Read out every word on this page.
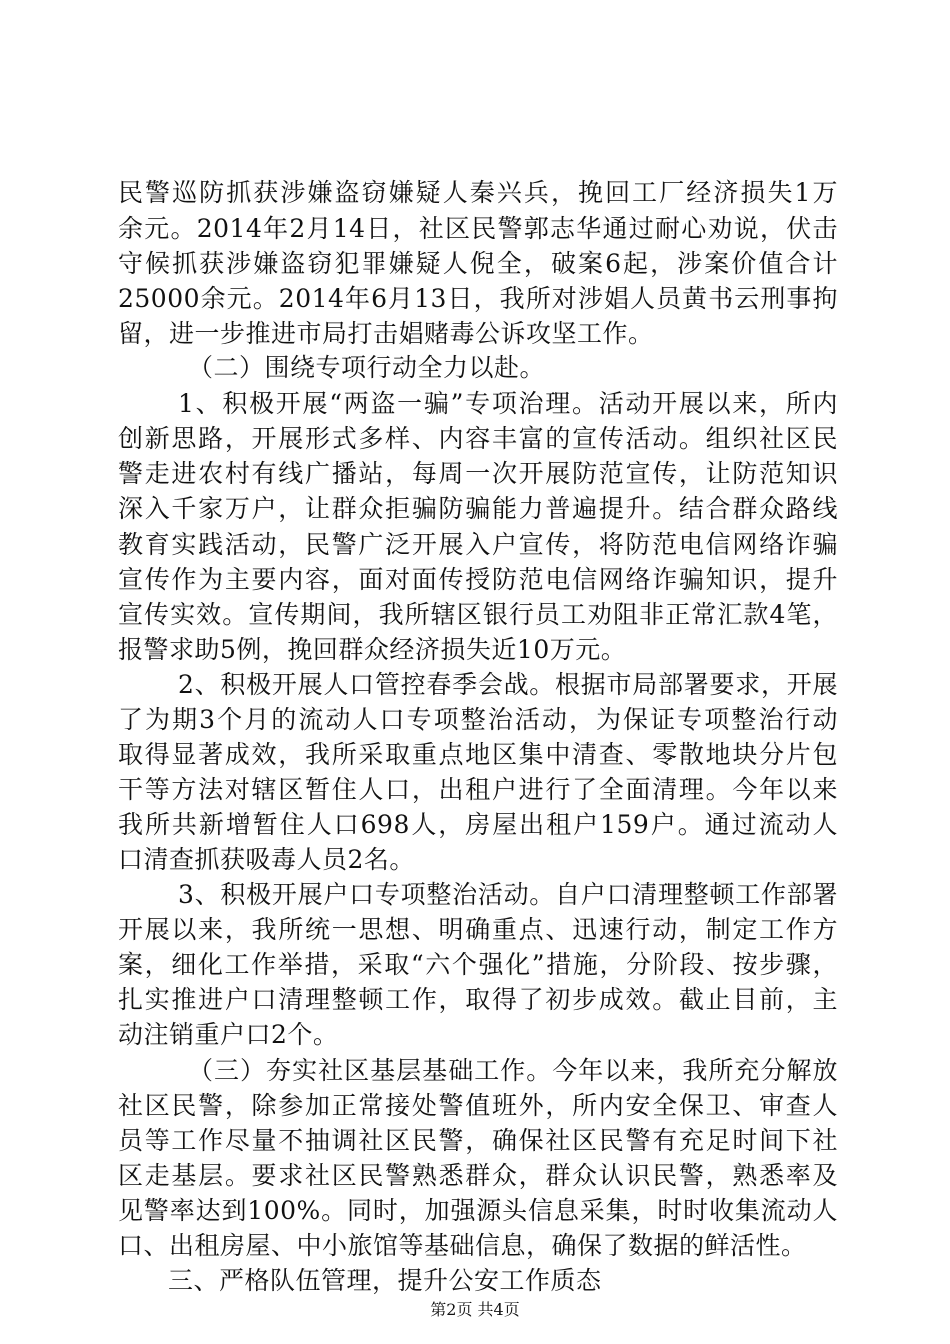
民警巡防抓获涉嫌盗窃嫌疑人秦兴兵，挽回工厂经济损失1万
余元。2014年2月14日，社区民警郭志华通过耐心劝说，伏击
守候抓获涉嫌盗窃犯罪嫌疑人倪全，破案6起，涉案价值合计
25000余元。2014年6月13日，我所对涉娼人员黄书云刑事拘
留，进一步推进市局打击娼赌毒公诉攻坚工作。
（二）围绕专项行动全力以赴。
1、积极开展“两盗一骗”专项治理。活动开展以来，所内
创新思路，开展形式多样、内容丰富的宣传活动。组织社区民
警走进农村有线广播站，每周一次开展防范宣传，让防范知识
深入千家万户，让群众拒骗防骗能力普遍提升。结合群众路线
教育实践活动，民警广泛开展入户宣传，将防范电信网络诈骗
宣传作为主要内容，面对面传授防范电信网络诈骗知识，提升
宣传实效。宣传期间，我所辖区银行员工劝阻非正常汇款4笔，
报警求助5例，挽回群众经济损失近10万元。
2、积极开展人口管控春季会战。根据市局部署要求，开展
了为期3个月的流动人口专项整治活动，为保证专项整治行动
取得显著成效，我所采取重点地区集中清查、零散地块分片包
干等方法对辖区暂住人口，出租户进行了全面清理。今年以来
我所共新增暂住人口698人，房屋出租户159户。通过流动人
口清查抓获吸毒人员2名。
3、积极开展户口专项整治活动。自户口清理整顿工作部署
开展以来，我所统一思想、明确重点、迅速行动，制定工作方
案，细化工作举措，采取“六个强化”措施，分阶段、按步骤，
扎实推进户口清理整顿工作，取得了初步成效。截止目前，主
动注销重户口2个。
（三）夯实社区基层基础工作。今年以来，我所充分解放
社区民警，除参加正常接处警值班外，所内安全保卫、审查人
员等工作尽量不抽调社区民警，确保社区民警有充足时间下社
区走基层。要求社区民警熟悉群众，群众认识民警，熟悉率及
见警率达到100%。同时，加强源头信息采集，时时收集流动人
口、出租房屋、中小旅馆等基础信息，确保了数据的鲜活性。
三、严格队伍管理，提升公安工作质态
第2页 共4页
